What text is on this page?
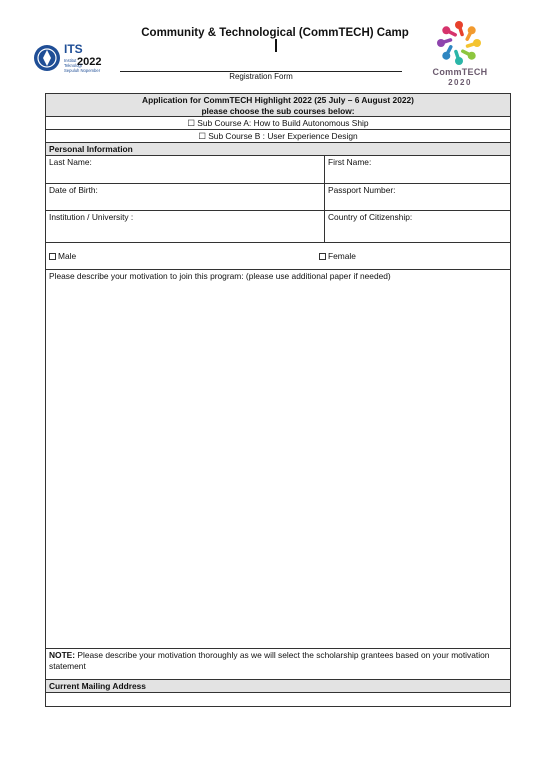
ITS
2022
Institut
Teknologi
Sepuluh Nopember
Community & Technological (CommTECH) Camp
Registration Form	CommTECH
2020
Application for CommTECH Highlight 2022 (25 July – 6 August 2022)
please choose the sub courses below:
☐ Sub Course A: How to Build Autonomous Ship
☐ Sub Course B : User Experience Design
Personal Information
Last Name:	First Name:
Date of Birth:	Passport Number:
Institution / University :	Country of Citizenship:
Male	Female
Please describe your motivation to join this program: (please use additional paper if needed)
NOTE: Please describe your motivation thoroughly as we will select the scholarship grantees based on your motivation statement
Current Mailing Address
